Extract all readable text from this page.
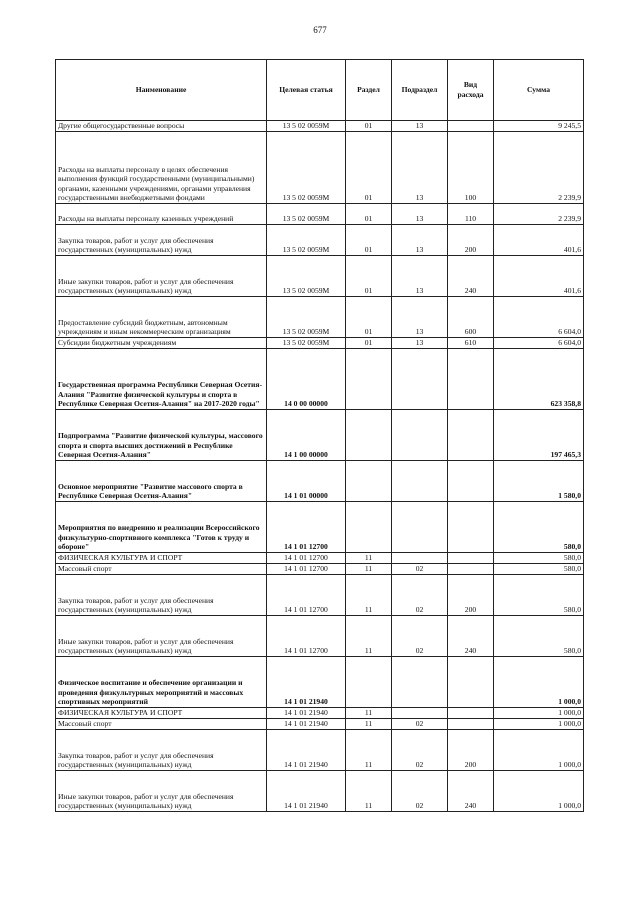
677
Наименование	Целевая статья	Раздел	Подраздел	Вид расхода	Сумма
Другие общегосударственные вопросы	13 5 02 0059М	01	13		9 245,5
Расходы на выплаты персоналу в целях обеспечения выполнения функций государственными (муниципальными) органами, казенными учреждениями, органами управления государственными внебюджетными фондами	13 5 02 0059М	01	13	100	2 239,9
Расходы на выплаты персоналу казенных учреждений	13 5 02 0059М	01	13	110	2 239,9
Закупка товаров, работ и услуг для обеспечения государственных (муниципальных) нужд	13 5 02 0059М	01	13	200	401,6
Иные закупки товаров, работ и услуг для обеспечения государственных (муниципальных) нужд	13 5 02 0059М	01	13	240	401,6
Предоставление субсидий бюджетным, автономным учреждениям и иным некоммерческим организациям	13 5 02 0059М	01	13	600	6 604,0
Субсидии бюджетным учреждениям	13 5 02 0059М	01	13	610	6 604,0
Государственная программа Республики Северная Осетия-Алания "Развитие физической культуры и спорта в Республике Северная Осетия-Алания" на 2017-2020 годы"	14 0 00 00000				623 358,8
Подпрограмма "Развитие физической культуры, массового спорта и спорта высших достижений в Республике Северная Осетия-Алания"	14 1 00 00000				197 465,3
Основное мероприятие "Развитие массового спорта в Республике Северная Осетия-Алания"	14 1 01 00000				1 580,0
Мероприятия по внедрению и реализации Всероссийского физкультурно-спортивного комплекса "Готов к труду и обороне"	14 1 01 12700				580,0
ФИЗИЧЕСКАЯ КУЛЬТУРА И СПОРТ	14 1 01 12700	11			580,0
Массовый спорт	14 1 01 12700	11	02		580,0
Закупка товаров, работ и услуг для обеспечения государственных (муниципальных) нужд	14 1 01 12700	11	02	200	580,0
Иные закупки товаров, работ и услуг для обеспечения государственных (муниципальных) нужд	14 1 01 12700	11	02	240	580,0
Физическое воспитание и обеспечение организации и проведения физкультурных мероприятий и массовых спортивных мероприятий	14 1 01 21940				1 000,0
ФИЗИЧЕСКАЯ КУЛЬТУРА И СПОРТ	14 1 01 21940	11			1 000,0
Массовый спорт	14 1 01 21940	11	02		1 000,0
Закупка товаров, работ и услуг для обеспечения государственных (муниципальных) нужд	14 1 01 21940	11	02	200	1 000,0
Иные закупки товаров, работ и услуг для обеспечения государственных (муниципальных) нужд	14 1 01 21940	11	02	240	1 000,0
